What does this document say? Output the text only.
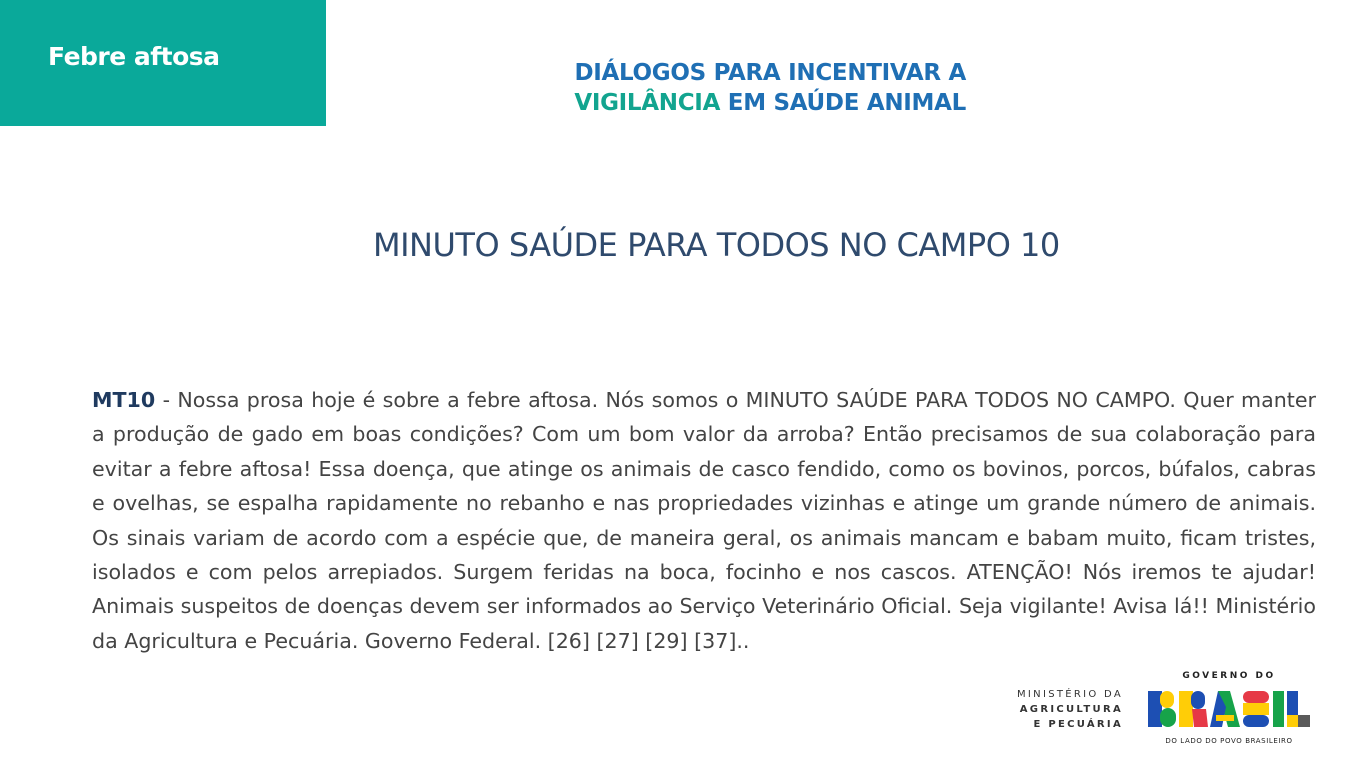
Febre aftosa
DIÁLOGOS PARA INCENTIVAR A
VIGILÂNCIA EM SAÚDE ANIMAL
MINUTO SAÚDE PARA TODOS NO CAMPO 10
MT10 - Nossa prosa hoje é sobre a febre aftosa. Nós somos o MINUTO SAÚDE PARA TODOS NO CAMPO. Quer manter a produção de gado em boas condições? Com um bom valor da arroba? Então precisamos de sua colaboração para evitar a febre aftosa! Essa doença, que atinge os animais de casco fendido, como os bovinos, porcos, búfalos, cabras e ovelhas, se espalha rapidamente no rebanho e nas propriedades vizinhas e atinge um grande número de animais. Os sinais variam de acordo com a espécie que, de maneira geral, os animais mancam e babam muito, ficam tristes, isolados e com pelos arrepiados. Surgem feridas na boca, focinho e nos cascos. ATENÇÃO! Nós iremos te ajudar! Animais suspeitos de doenças devem ser informados ao Serviço Veterinário Oficial. Seja vigilante! Avisa lá!! Ministério da Agricultura e Pecuária. Governo Federal. [26] [27] [29] [37]..
MINISTÉRIO DA
AGRICULTURA
E PECUÁRIA
GOVERNO DO
DO LADO DO POVO BRASILEIRO
